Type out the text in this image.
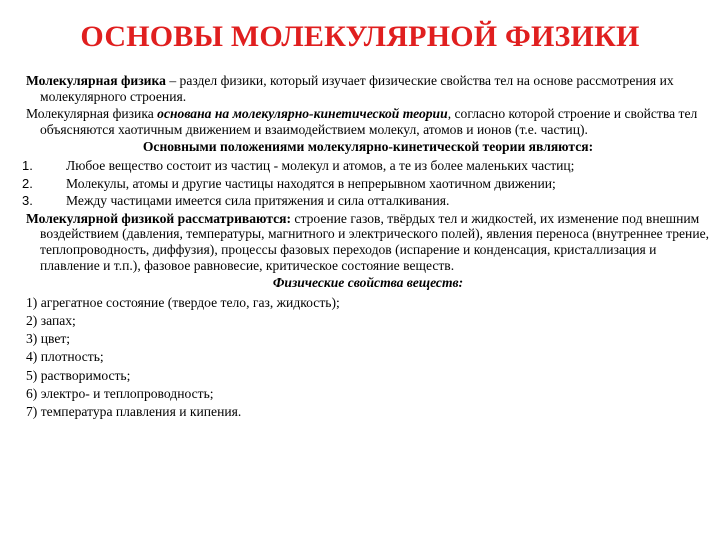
ОСНОВЫ МОЛЕКУЛЯРНОЙ ФИЗИКИ

Молекулярная физика – раздел физики, который изучает физические свойства тел на основе рассмотрения их молекулярного строения.

Молекулярная физика основана на молекулярно-кинетической теории, согласно которой строение и свойства тел объясняются хаотичным движением и взаимодействием молекул, атомов и ионов (т.е. частиц).

Основными положениями молекулярно-кинетической теории являются:

1. Любое вещество состоит из частиц - молекул и атомов, а те из более маленьких частиц;
2. Молекулы, атомы и другие частицы находятся в непрерывном хаотичном движении;
3. Между частицами имеется сила притяжения и сила отталкивания.

Молекулярной физикой рассматриваются: строение газов, твёрдых тел и жидкостей, их изменение под внешним воздействием (давления, температуры, магнитного и электрического полей), явления переноса (внутреннее трение, теплопроводность, диффузия), процессы фазовых переходов (испарение и конденсация, кристаллизация и плавление и т.п.), фазовое равновесие, критическое состояние веществ.

Физические свойства веществ:

1) агрегатное состояние (твердое тело, газ, жидкость);

2) запах;

3) цвет;

4) плотность;

5) растворимость;

6) электро- и теплопроводность;

7) температура плавления и кипения.
